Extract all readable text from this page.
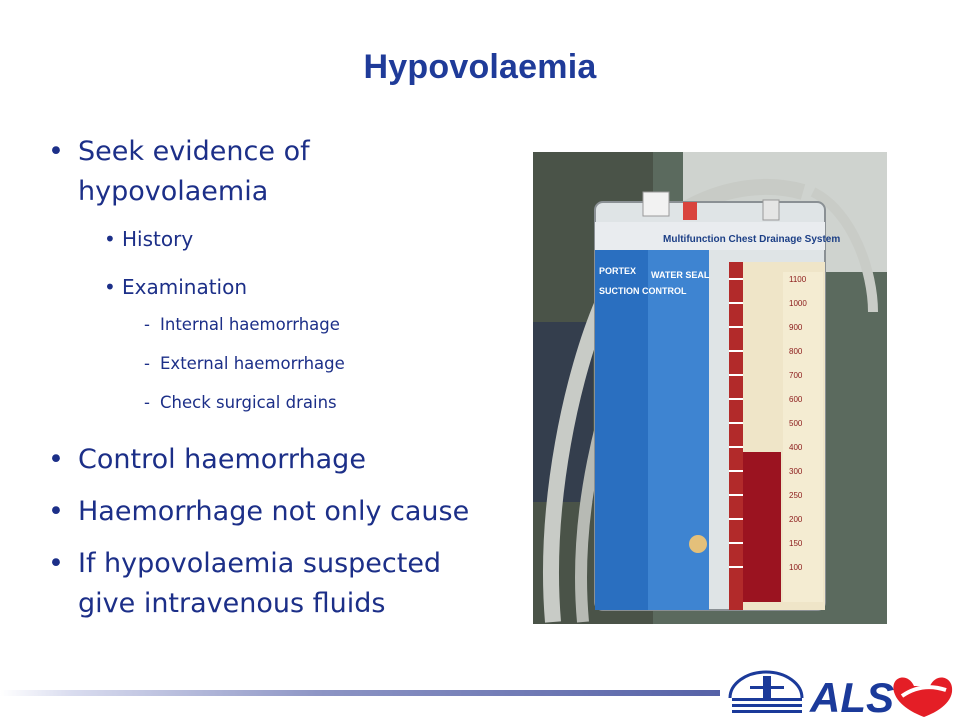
Hypovolaemia
• Seek evidence of hypovolaemia
• History
• Examination
- Internal haemorrhage
- External haemorrhage
- Check surgical drains
• Control haemorrhage
• Haemorrhage not only cause
• If hypovolaemia suspected give intravenous fluids
Multifunction Chest Drainage System
PORTEX
SUCTION CONTROL
WATER SEAL	1100
1000
900
800
700
600
500
400
300
250
200
150
100
ALS
